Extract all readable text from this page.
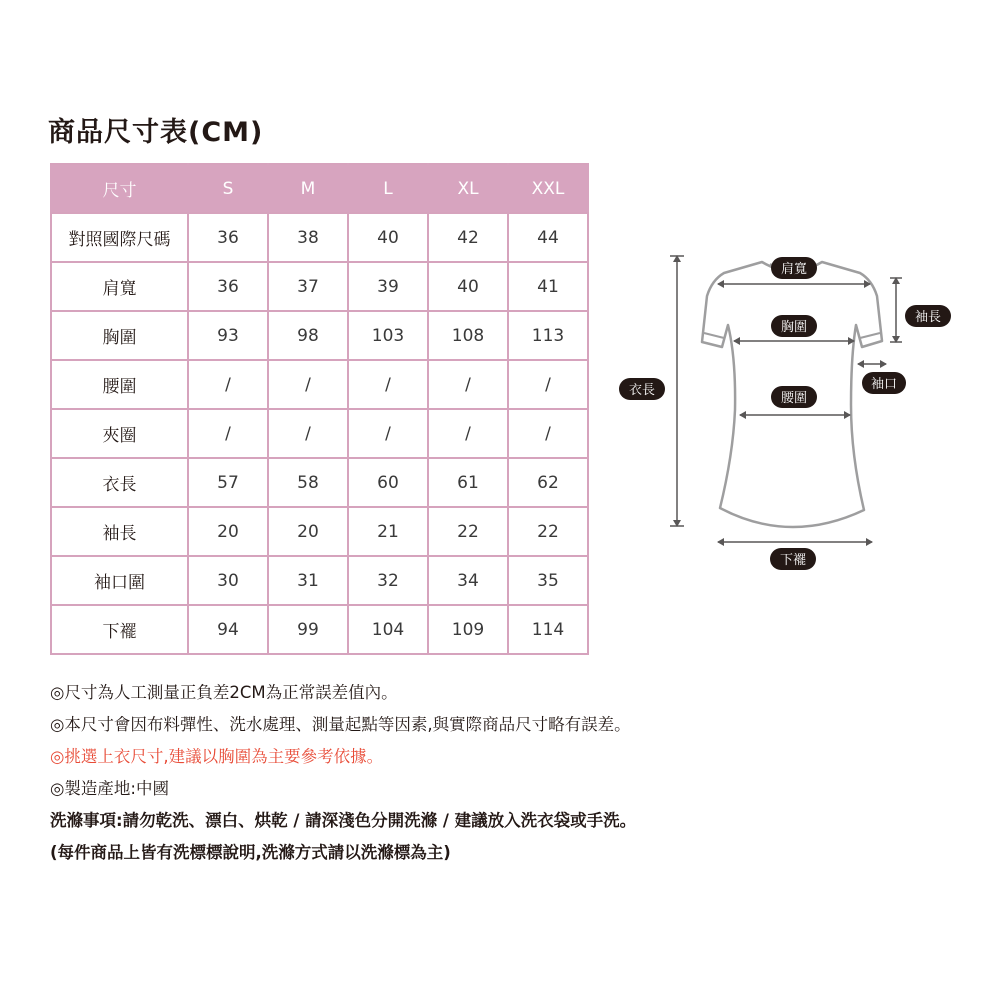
商品尺寸表(CM)
尺寸	S	M	L	XL	XXL
對照國際尺碼	36	38	40	42	44
肩寬	36	37	39	40	41
胸圍	93	98	103	108	113
腰圍	/	/	/	/	/
夾圈	/	/	/	/	/
衣長	57	58	60	61	62
袖長	20	20	21	22	22
袖口圍	30	31	32	34	35
下襬	94	99	104	109	114
肩寬
袖長
胸圍
袖口
衣長
腰圍
下襬

◎尺寸為人工測量正負差2CM為正常誤差值內。

◎本尺寸會因布料彈性、洗水處理、測量起點等因素,與實際商品尺寸略有誤差。

◎挑選上衣尺寸,建議以胸圍為主要參考依據。

◎製造產地:中國

洗滌事項:請勿乾洗、漂白、烘乾 / 請深淺色分開洗滌 / 建議放入洗衣袋或手洗。

(每件商品上皆有洗標標說明,洗滌方式請以洗滌標為主)
